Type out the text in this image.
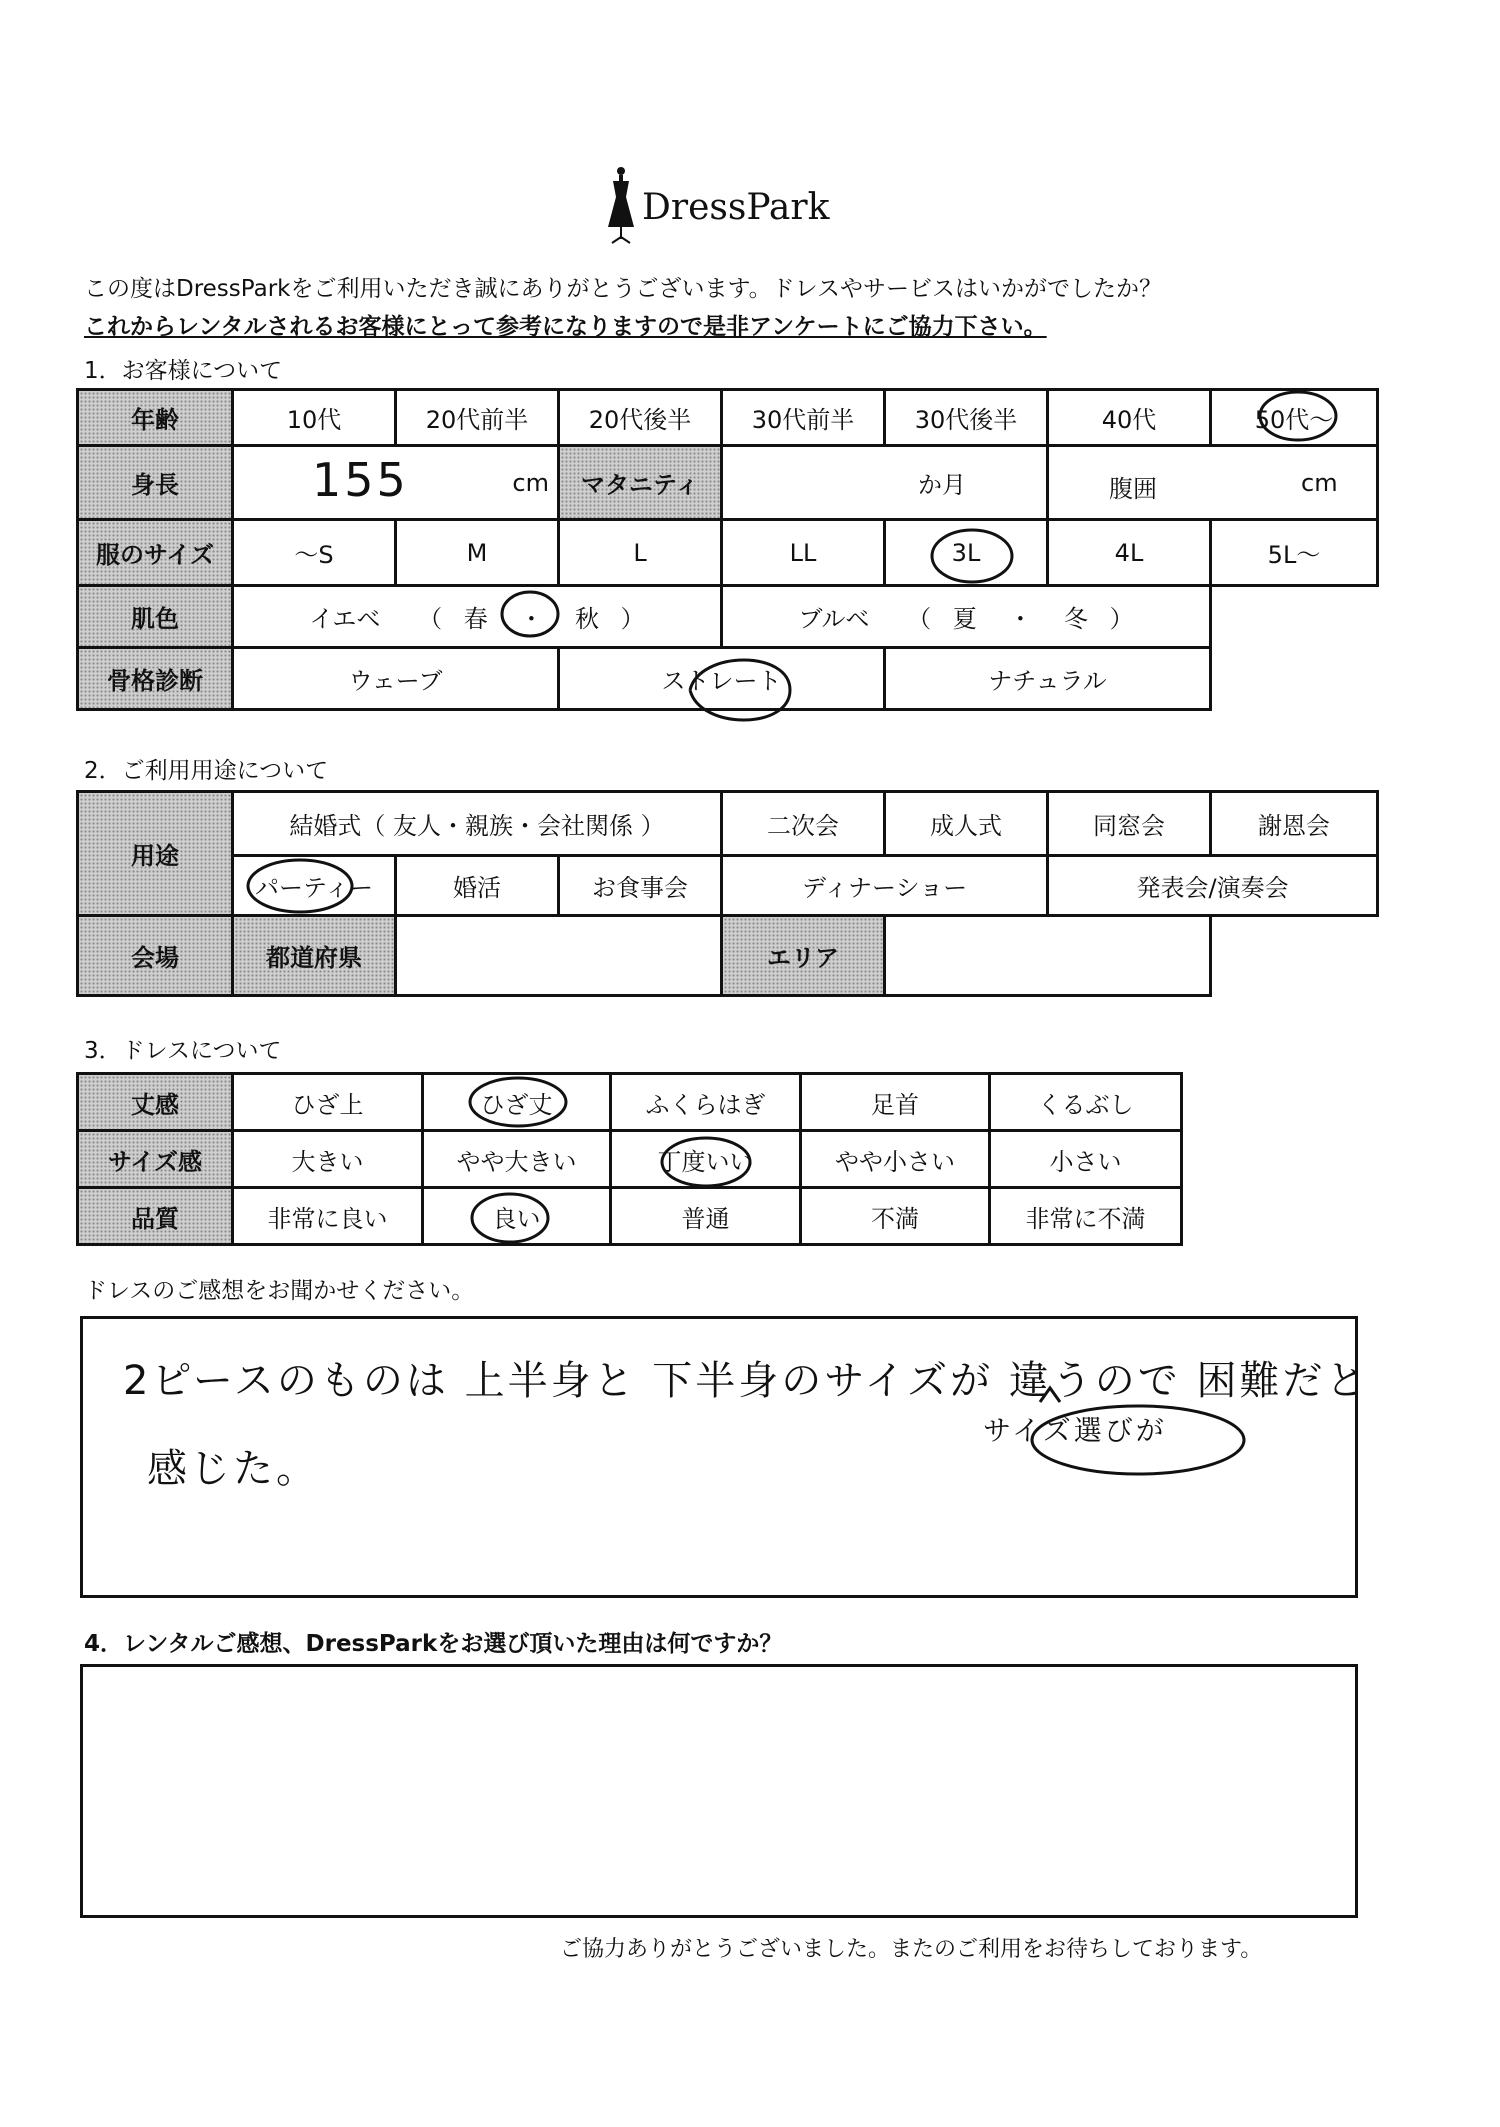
DressPark
この度はDressParkをご利用いただき誠にありがとうございます。ドレスやサービスはいかがでしたか？
これからレンタルされるお客様にとって参考になりますので是非アンケートにご協力下さい。
1．お客様について
年齢	10代	20代前半	20代後半	30代前半	30代後半	40代	50代～
身長	155 cm		マタニティ	か月		腹囲 cm	

服のサイズ	～S	M	L	LL	3L	4L	5L～
肌色	イエベ （ 春 ・ 秋 ）			ブルベ （ 夏 ・ 冬 ）			
骨格診断	ウェーブ		ストレート		ナチュラル		
2．ご利用用途について
用途	結婚式（ 友人・親族・会社関係 ）			二次会	成人式	同窓会	謝恩会
	パーティー	婚活	お食事会	ディナーショー		発表会/演奏会	
会場	都道府県			エリア			
3．ドレスについて
丈感	ひざ上	ひざ丈	ふくらはぎ	足首	くるぶし
サイズ感	大きい	やや大きい	丁度いい	やや小さい	小さい
品質	非常に良い	良い	普通	不満	非常に不満
ドレスのご感想をお聞かせください。
2ピースのものは 上半身と 下半身のサイズが 違うので 困難だと
感じた。
サイズ選びが
4．レンタルご感想、DressParkをお選び頂いた理由は何ですか？
ご協力ありがとうございました。またのご利用をお待ちしております。
